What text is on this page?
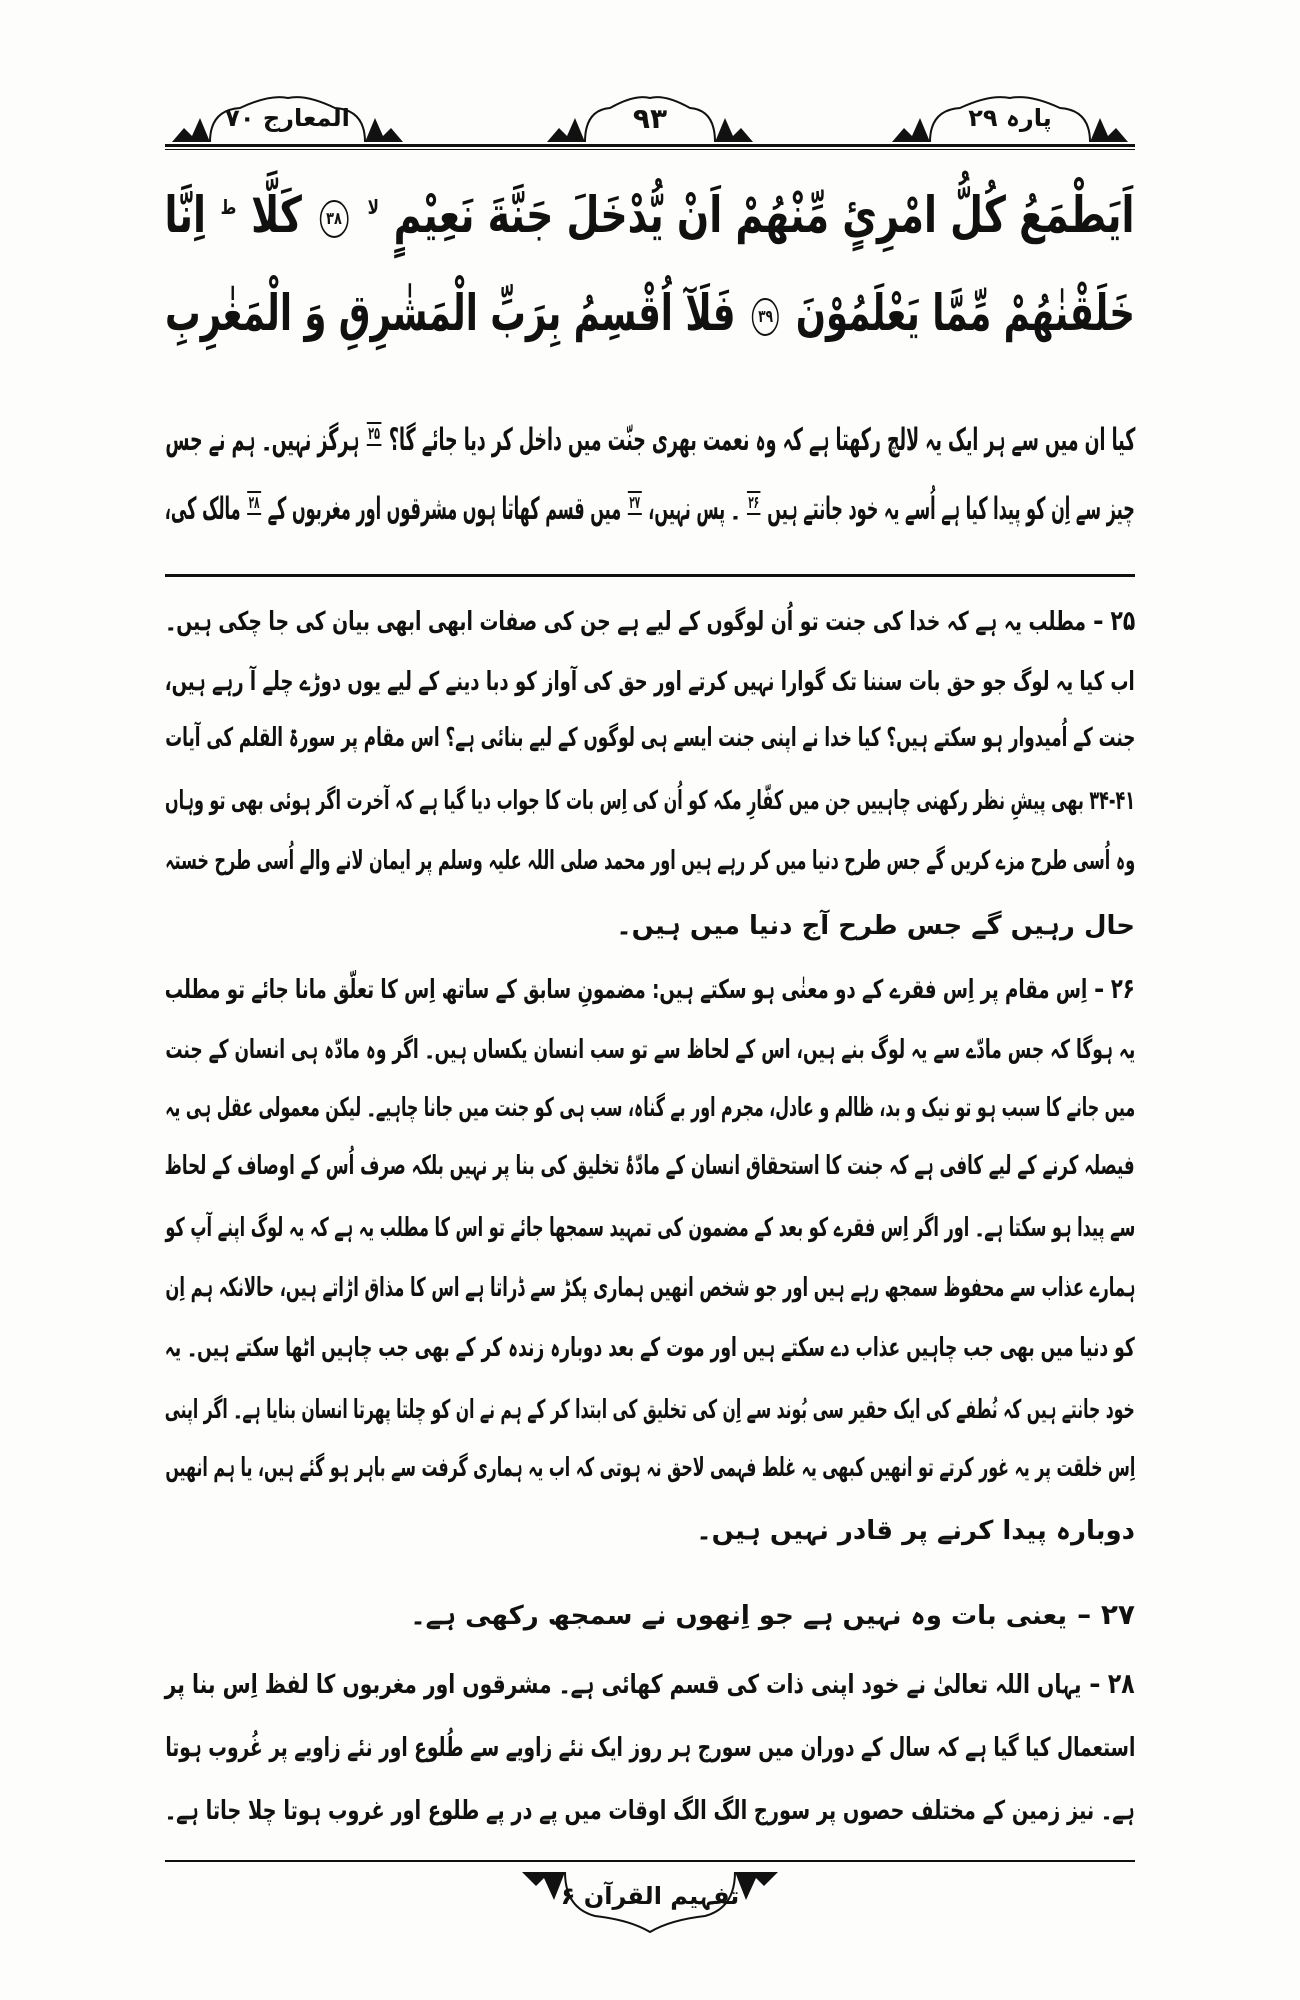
المعارج ۷۰	۹۳	پارہ ۲۹
اَيَطْمَعُ كُلُّ امْرِئٍ مِّنْهُمْ اَنْ يُّدْخَلَ جَنَّةَ نَعِيْمٍ $^{لا}$ ۳۸ كَلَّا $^ط$ اِنَّا
خَلَقْنٰهُمْ مِّمَّا يَعْلَمُوْنَ ۳۹ فَلَآ اُقْسِمُ بِرَبِّ الْمَشٰرِقِ وَ الْمَغٰرِبِ
کیا ان میں سے ہر ایک یہ لالچ رکھتا ہے کہ وہ نعمت بھری جنّت میں داخل کر دیا جائے گا؟ $^{۲۵}$ ہرگز نہیں۔ ہم نے جس
چیز سے اِن کو پیدا کیا ہے اُسے یہ خود جانتے ہیں $^{۲۶}$ ۔ پس نہیں، $^{۲۷}$ میں قسم کھاتا ہوں مشرقوں اور مغربوں کے $^{۲۸}$ مالک کی،
۲۵ –مطلب یہ ہے کہ خدا کی جنت تو اُن لوگوں کے لیے ہے جن کی صفات ابھی ابھی بیان کی جا چکی ہیں۔
اب کیا یہ لوگ جو حق بات سننا تک گوارا نہیں کرتے اور حق کی آواز کو دبا دینے کے لیے یوں دوڑے چلے آ رہے ہیں،
جنت کے اُمیدوار ہو سکتے ہیں؟ کیا خدا نے اپنی جنت ایسے ہی لوگوں کے لیے بنائی ہے؟ اس مقام پر سورۃ القلم کی آیات
۳۴-۴۱ بھی پیشِ نظر رکھنی چاہییں جن میں کفّارِ مکہ کو اُن کی اِس بات کا جواب دیا گیا ہے کہ آخرت اگر ہوئی بھی تو وہاں
وہ اُسی طرح مزے کریں گے جس طرح دنیا میں کر رہے ہیں اور محمد صلی اللہ علیہ وسلم پر ایمان لانے والے اُسی طرح خستہ
حال رہیں گے جس طرح آج دنیا میں ہیں۔
۲۶ –اِس مقام پر اِس فقرے کے دو معنٰی ہو سکتے ہیں: مضمونِ سابق کے ساتھ اِس کا تعلّق مانا جائے تو مطلب
یہ ہوگا کہ جس مادّے سے یہ لوگ بنے ہیں، اس کے لحاظ سے تو سب انسان یکساں ہیں۔ اگر وہ مادّہ ہی انسان کے جنت
میں جانے کا سبب ہو تو نیک و بد، ظالم و عادل، مجرم اور بے گناہ، سب ہی کو جنت میں جانا چاہیے۔ لیکن معمولی عقل ہی یہ
فیصلہ کرنے کے لیے کافی ہے کہ جنت کا استحقاق انسان کے مادّۂ تخلیق کی بنا پر نہیں بلکہ صرف اُس کے اوصاف کے لحاظ
سے پیدا ہو سکتا ہے۔ اور اگر اِس فقرے کو بعد کے مضمون کی تمہید سمجھا جائے تو اس کا مطلب یہ ہے کہ یہ لوگ اپنے آپ کو
ہمارے عذاب سے محفوظ سمجھ رہے ہیں اور جو شخص انھیں ہماری پکڑ سے ڈراتا ہے اس کا مذاق اڑاتے ہیں، حالانکہ ہم اِن
کو دنیا میں بھی جب چاہیں عذاب دے سکتے ہیں اور موت کے بعد دوبارہ زندہ کر کے بھی جب چاہیں اٹھا سکتے ہیں۔ یہ
خود جانتے ہیں کہ نُطفے کی ایک حقیر سی بُوند سے اِن کی تخلیق کی ابتدا کر کے ہم نے ان کو چلتا پھرتا انسان بنایا ہے۔ اگر اپنی
اِس خلقت پر یہ غور کرتے تو انھیں کبھی یہ غلط فہمی لاحق نہ ہوتی کہ اب یہ ہماری گرفت سے باہر ہو گئے ہیں، یا ہم انھیں
دوبارہ پیدا کرنے پر قادر نہیں ہیں۔
۲۷ –یعنی بات وہ نہیں ہے جو اِنھوں نے سمجھ رکھی ہے۔
۲۸ –یہاں اللہ تعالیٰ نے خود اپنی ذات کی قسم کھائی ہے۔ مشرقوں اور مغربوں کا لفظ اِس بنا پر
استعمال کیا گیا ہے کہ سال کے دوران میں سورج ہر روز ایک نئے زاویے سے طُلوع اور نئے زاویے پر غُروب ہوتا
ہے۔ نیز زمین کے مختلف حصوں پر سورج الگ الگ اوقات میں پے در پے طلوع اور غروب ہوتا چلا جاتا ہے۔
تفہیم القرآن ۶
